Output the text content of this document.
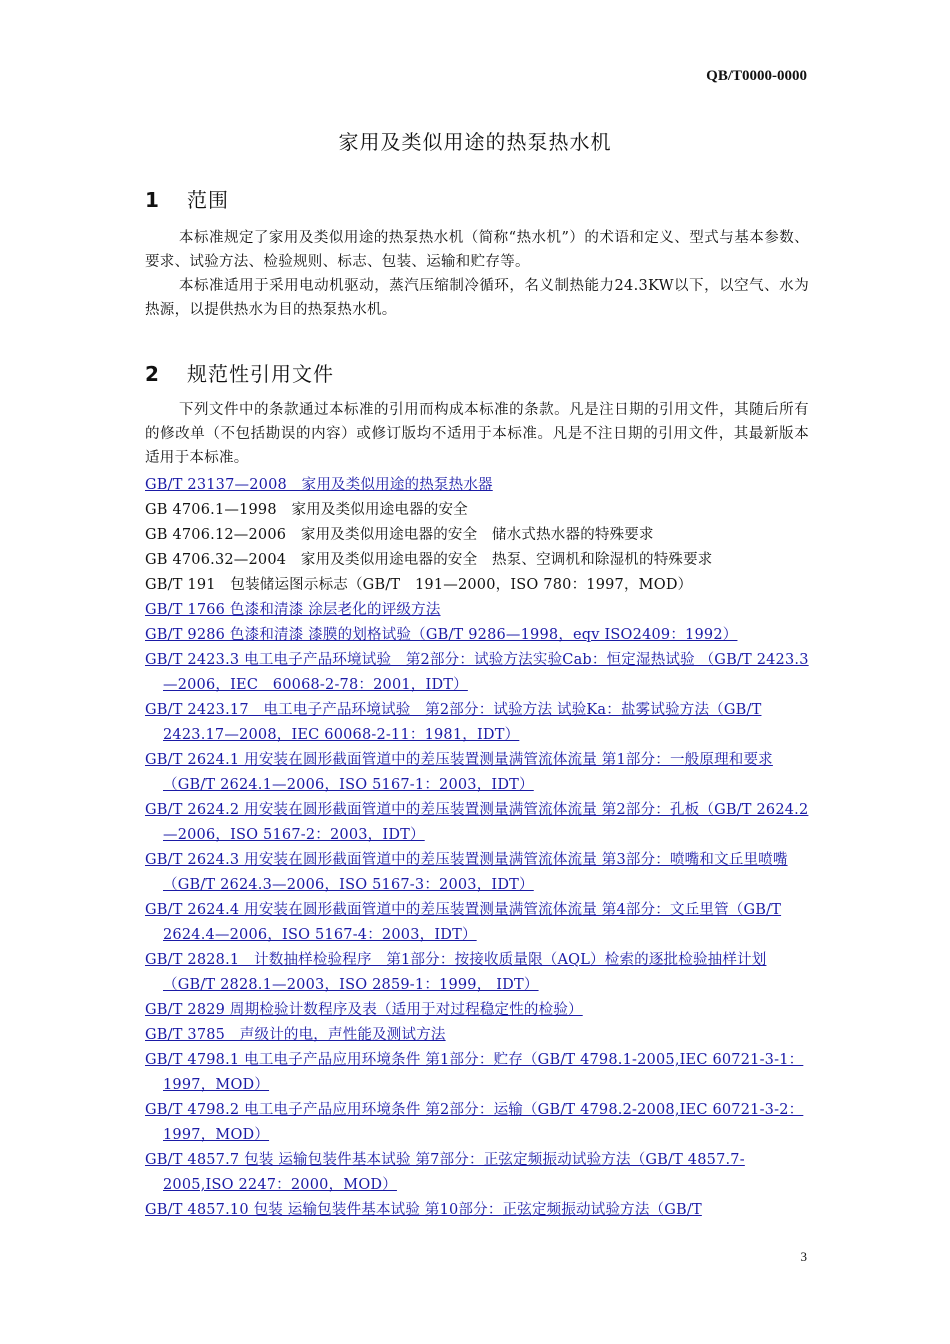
QB/T0000-0000
家用及类似用途的热泵热水机
1 范围
本标准规定了家用及类似用途的热泵热水机（简称“热水机”）的术语和定义、型式与基本参数、要求、试验方法、检验规则、标志、包装、运输和贮存等。
本标准适用于采用电动机驱动，蒸汽压缩制冷循环，名义制热能力24.3KW以下，以空气、水为热源，以提供热水为目的热泵热水机。
2 规范性引用文件
下列文件中的条款通过本标准的引用而构成本标准的条款。凡是注日期的引用文件，其随后所有的修改单（不包括勘误的内容）或修订版均不适用于本标准。凡是不注日期的引用文件，其最新版本适用于本标准。
GB/T 23137—2008　家用及类似用途的热泵热水器
GB 4706.1—1998　家用及类似用途电器的安全
GB 4706.12—2006　家用及类似用途电器的安全　储水式热水器的特殊要求
GB 4706.32—2004　家用及类似用途电器的安全　热泵、空调机和除湿机的特殊要求
GB/T 191　包装储运图示标志（GB/T　191—2000，ISO 780：1997，MOD）
GB/T 1766 色漆和清漆 涂层老化的评级方法
GB/T 9286 色漆和清漆 漆膜的划格试验（GB/T 9286—1998，eqv ISO2409：1992）
GB/T 2423.3 电工电子产品环境试验　第2部分：试验方法实验Cab：恒定湿热试验 （GB/T 2423.3—2006，IEC　60068-2-78：2001，IDT）
GB/T 2423.17　电工电子产品环境试验　第2部分：试验方法 试验Ka：盐雾试验方法（GB/T 2423.17—2008，IEC 60068-2-11：1981，IDT）
GB/T 2624.1 用安装在圆形截面管道中的差压装置测量满管流体流量 第1部分：一般原理和要求（GB/T 2624.1—2006，ISO 5167-1：2003，IDT）
GB/T 2624.2 用安装在圆形截面管道中的差压装置测量满管流体流量 第2部分：孔板（GB/T 2624.2—2006，ISO 5167-2：2003，IDT）
GB/T 2624.3 用安装在圆形截面管道中的差压装置测量满管流体流量 第3部分：喷嘴和文丘里喷嘴（GB/T 2624.3—2006，ISO 5167-3：2003，IDT）
GB/T 2624.4 用安装在圆形截面管道中的差压装置测量满管流体流量 第4部分：文丘里管（GB/T 2624.4—2006，ISO 5167-4：2003，IDT）
GB/T 2828.1　计数抽样检验程序　第1部分：按接收质量限（AQL）检索的逐批检验抽样计划（GB/T 2828.1—2003，ISO 2859-1：1999， IDT）
GB/T 2829 周期检验计数程序及表（适用于对过程稳定性的检验）
GB/T 3785　声级计的电，声性能及测试方法
GB/T 4798.1 电工电子产品应用环境条件 第1部分：贮存（GB/T 4798.1-2005,IEC 60721-3-1：1997，MOD）
GB/T 4798.2 电工电子产品应用环境条件 第2部分：运输（GB/T 4798.2-2008,IEC 60721-3-2：1997，MOD）
GB/T 4857.7 包装 运输包装件基本试验 第7部分：正弦定频振动试验方法（GB/T 4857.7-2005,ISO 2247：2000，MOD）
GB/T 4857.10 包装 运输包装件基本试验 第10部分：正弦定频振动试验方法（GB/T
3
